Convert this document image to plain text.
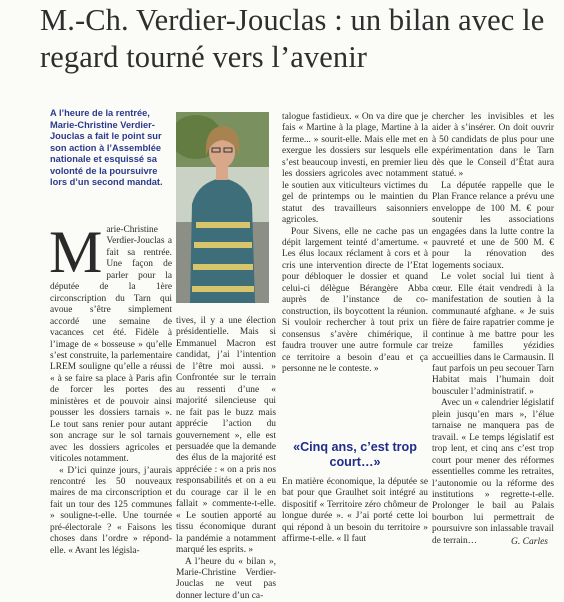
M.-Ch. Verdier-Jouclas : un bilan avec le regard tourné vers l’avenir

A l’heure de la rentrée, Marie-Christine Verdier-Jouclas a fait le point sur son action à l’Assemblée nationale et esquissé sa volonté de la poursuivre lors d’un second mandat.

Marie-Christine Verdier-Jouclas a fait sa rentrée. Une façon de parler pour la députée de la 1ère circonscription du Tarn qui avoue s’être simplement accordé une semaine de vacances cet été. Fidèle à l’image de « bosseuse » qu’elle s’est construite, la parlementaire LREM souligne qu’elle a réussi « à se faire sa place à Paris afin de forcer les portes des ministères et de pouvoir ainsi pousser les dossiers tarnais ». Le tout sans renier pour autant son ancrage sur le sol tarnais avec les dossiers agricoles et viticoles notamment.

« D’ici quinze jours, j’aurais rencontré les 50 nouveaux maires de ma circonscription et fait un tour des 125 communes » souligne-t-elle. Une tournée pré-électorale ? « Faisons les choses dans l’ordre » répond-elle. « Avant les législa-

tives, il y a une élection présidentielle. Mais si Emmanuel Macron est candidat, j’ai l’intention de l’être moi aussi. » Confrontée sur le terrain au ressenti d’une « majorité silencieuse qui ne fait pas le buzz mais apprécie l’action du gouvernement », elle est persuadée que la demande des élus de la majorité est appréciée : « on a pris nos responsabilités et on a eu du courage car il le en fallait » commente-t-elle. « Le soutien apporté au tissu économique durant la pandémie a notamment marqué les esprits. »

A l’heure du « bilan », Marie-Christine Verdier-Jouclas ne veut pas donner lecture d’un ca-

talogue fastidieux. « On va dire que je fais « Martine à la plage, Martine à la ferme... » sourit-elle. Mais elle met en exergue les dossiers sur lesquels elle s’est beaucoup investi, en premier lieu les dossiers agricoles avec notamment le soutien aux viticulteurs victimes du gel de printemps ou le maintien du statut des travailleurs saisonniers agricoles.

Pour Sivens, elle ne cache pas un dépit largement teinté d’amertume. « Les élus locaux réclament à cors et à cris une intervention directe de l’Etat pour débloquer le dossier et quand celui-ci délègue Bérangère Abba auprès de l’instance de co-construction, ils boycottent la réunion. Si vouloir rechercher à tout prix un consensus s’avère chimérique, il faudra trouver une autre formule car ce territoire a besoin d’eau et ça personne ne le conteste. »

«Cinq ans, c’est trop court…»

En matière économique, la députée se bat pour que Graulhet soit intégré au dispositif « Territoire zéro chômeur de longue durée ». « J’ai porté cette loi qui répond à un besoin du territoire » affirme-t-elle. « Il faut

chercher les invisibles et les aider à s’insérer. On doit ouvrir à 50 candidats de plus pour une expérimentation dans le Tarn dès que le Conseil d’État aura statué. »

La députée rappelle que le Plan France relance a prévu une enveloppe de 100 M. € pour soutenir les associations engagées dans la lutte contre la pauvreté et une de 500 M. € pour la rénovation des logements sociaux.

Le volet social lui tient à cœur. Elle était vendredi à la manifestation de soutien à la communauté afghane. « Je suis fière de faire rapatrier comme je continue à me battre pour les treize familles yézidies accueillies dans le Carmausin. Il faut parfois un peu secouer Tarn Habitat mais l’humain doit bousculer l’administratif. »

Avec un « calendrier législatif plein jusqu’en mars », l’élue tarnaise ne manquera pas de travail. « Le temps législatif est trop lent, et cinq ans c’est trop court pour mener des réformes essentielles comme les retraites, l’autonomie ou la réforme des institutions » regrette-t-elle. Prolonger le bail au Palais bourbon lui permettrait de poursuivre son inlassable travail de terrain…	G. Carles
